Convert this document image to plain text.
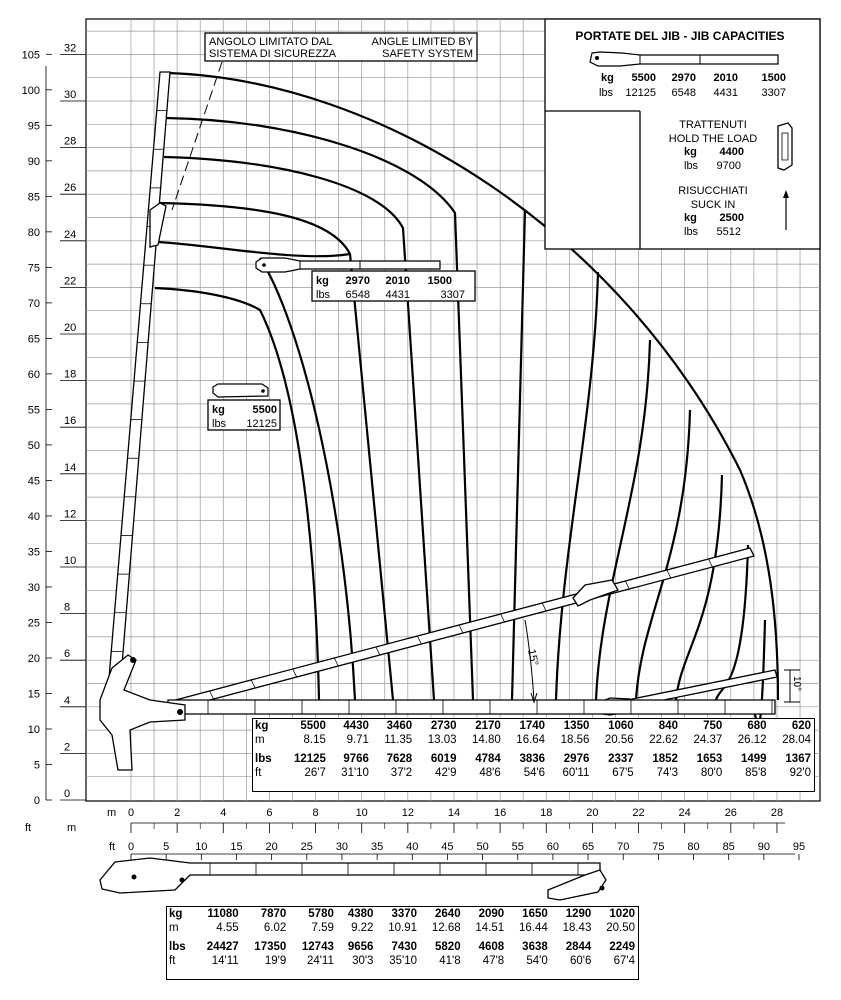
0
2
4
6
8
10
12
14
16
18
20
22
24
26
28
30
32
0
5
10
15
20
25
30
35
40
45
50
55
60
65
70
75
80
85
90
95
100
105
ft	m
0	2	4	6	8	10	12	14	16	18	20	22	24	26	28
m
0	5 10 15 20 25 30 35 40 45 50 55 60 65 70 75 80 85 90 95
ft
ANGOLO LIMITATO DAL
SISTEMA DI SICUREZZA
ANGLE LIMITED BY
SAFETY SYSTEM
PORTATE DEL JIB - JIB CAPACITIES
kg 5500 2970 2010 1500
lbs 12125 6548 4431 3307
TRATTENUTI
HOLD THE LOAD
kg 4400
lbs 9700
RISUCCHIATI
SUCK IN
kg 2500
lbs 5512
kg	5500
lbs 12125
kg 2970 2010 1500
lbs 6548 4431	3307
15°
10°
kg	5500	4430	3460	2730	2170	1740	1350	1060	840	750	680	620
m	8.15	9.71	11.35	13.03	14.80	16.64	18.56	20.56	22.62	24.37	26.12	28.04
lbs	12125	9766	7628	6019	4784	3836	2976	2337	1852	1653	1499	1367
ft	26'7	31'10	37'2	42'9	48'6	54'6	60'11	67'5	74'3	80'0	85'8	92'0
kg	11080	7870	5780	4380	3370	2640	2090	1650	1290	1020
m	4.55	6.02	7.59	9.22	10.91	12.68	14.51	16.44	18.43	20.50
lbs	24427	17350	12743	9656	7430	5820	4608	3638	2844	2249
ft	14'11	19'9	24'11	30'3	35'10	41'8	47'8	54'0	60'6	67'4
